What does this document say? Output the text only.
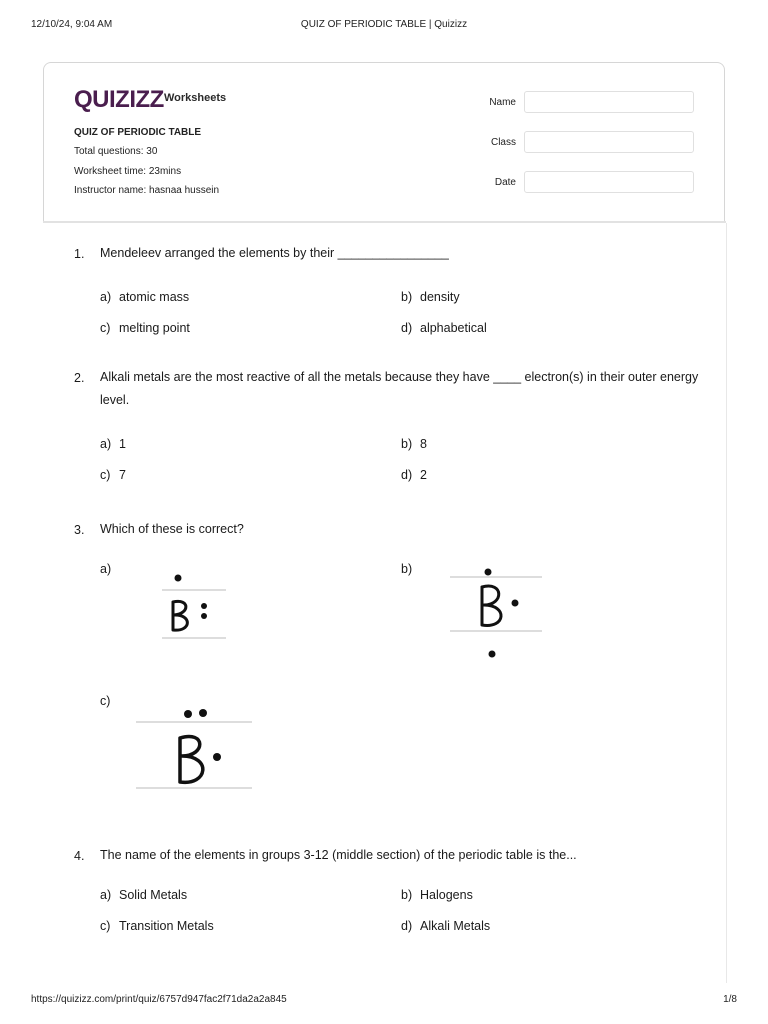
12/10/24, 9:04 AM	QUIZ OF PERIODIC TABLE | Quizizz
QUIZIZZ Worksheets
QUIZ OF PERIODIC TABLE
Total questions: 30
Worksheet time: 23mins
Instructor name: hasnaa hussein
Name
Class
Date
1. Mendeleev arranged the elements by their ________________
a) atomic mass	b) density
c) melting point	d) alphabetical
2. Alkali metals are the most reactive of all the metals because they have ____ electron(s) in their outer energy level.
a) 1	b) 8
c) 7	d) 2
3. Which of these is correct?
a)	b)
c)
4. The name of the elements in groups 3-12 (middle section) of the periodic table is the...
a) Solid Metals	b) Halogens
c) Transition Metals	d) Alkali Metals
https://quizizz.com/print/quiz/6757d947fac2f71da2a2a845	1/8
